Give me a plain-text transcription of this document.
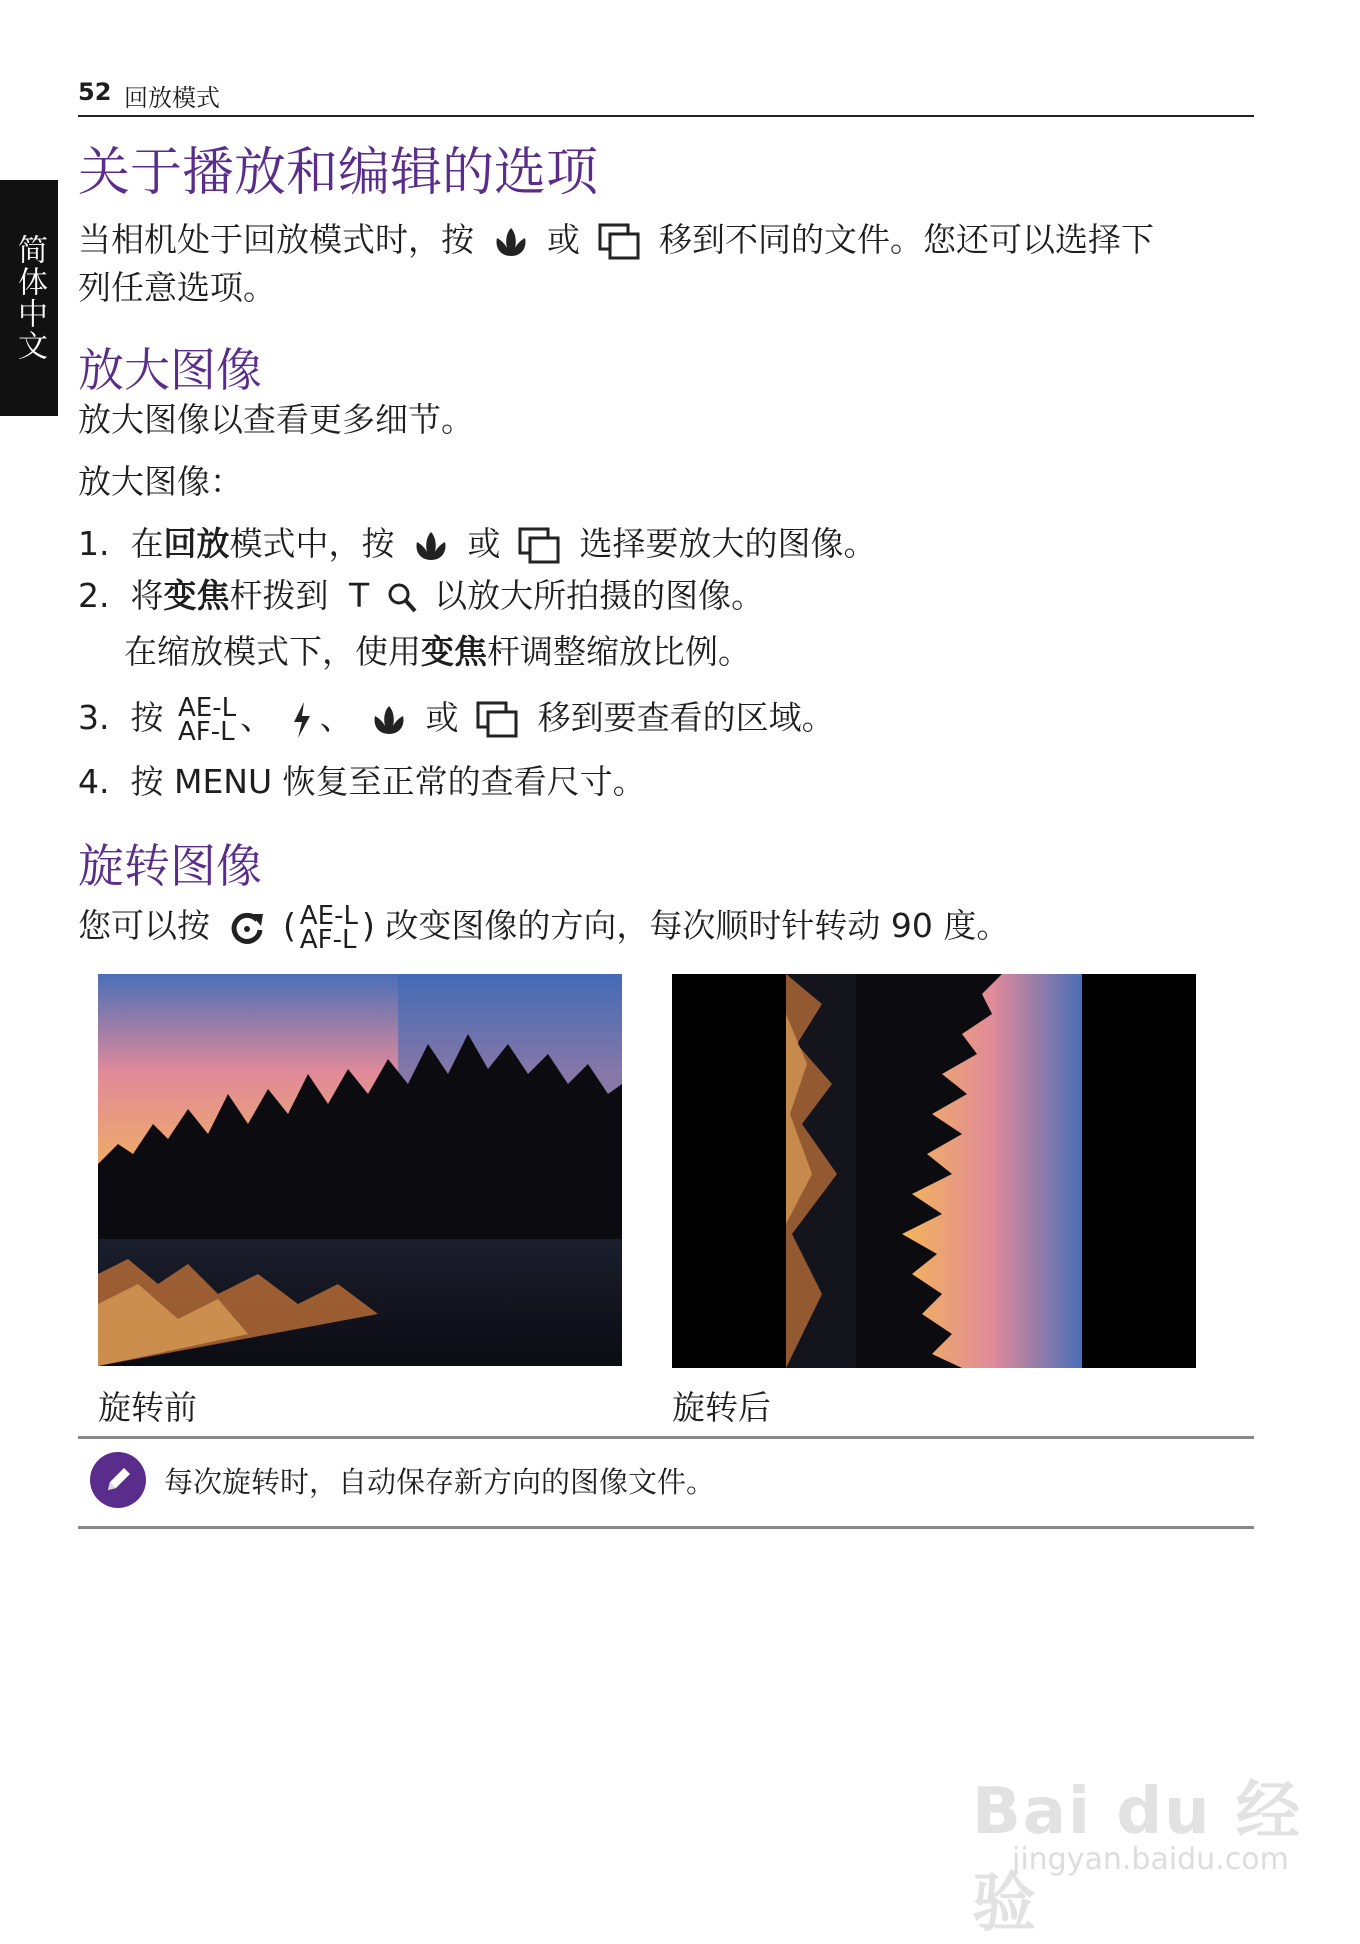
52 回放模式
简体中文
关于播放和编辑的选项
当相机处于回放模式时，按 或 移到不同的文件。您还可以选择下
列任意选项。
放大图像
放大图像以查看更多细节。
放大图像：
1. 在回放模式中，按 或 选择要放大的图像。
2. 将变焦杆拨到 T 以放大所拍摄的图像。
在缩放模式下，使用变焦杆调整缩放比例。
3. 按 AE-L
AF-L 、 、 或 移到要查看的区域。
4. 按 MENU 恢复至正常的查看尺寸。
旋转图像
您可以按 ( AE-L
AF-L ) 改变图像的方向，每次顺时针转动 90 度。
旋转前	旋转后
每次旋转时，自动保存新方向的图像文件。
Bai du 经验
jingyan.baidu.com
